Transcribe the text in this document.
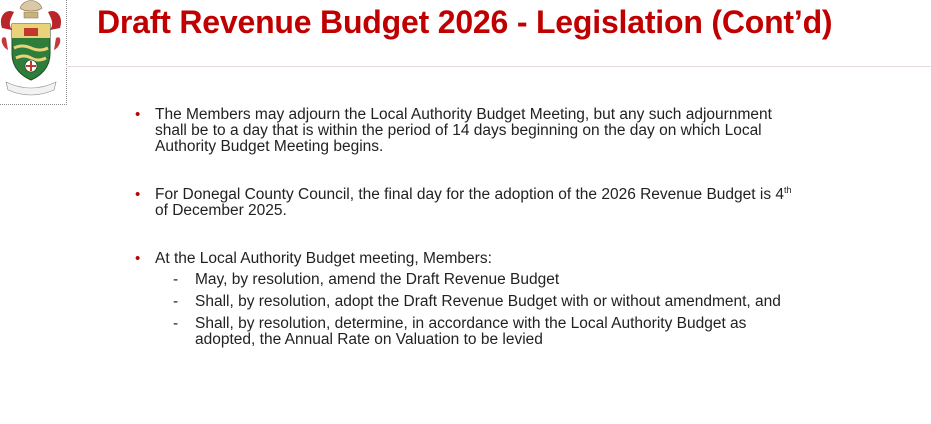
Draft Revenue Budget 2026 - Legislation (Cont’d)
• The Members may adjourn the Local Authority Budget Meeting, but any such adjournment shall be to a day that is within the period of 14 days beginning on the day on which Local Authority Budget Meeting begins.
• For Donegal County Council, the final day for the adoption of the 2026 Revenue Budget is 4th of December 2025.
• At the Local Authority Budget meeting, Members:
- May, by resolution, amend the Draft Revenue Budget
- Shall, by resolution, adopt the Draft Revenue Budget with or without amendment, and
- Shall, by resolution, determine, in accordance with the Local Authority Budget as adopted, the Annual Rate on Valuation to be levied
